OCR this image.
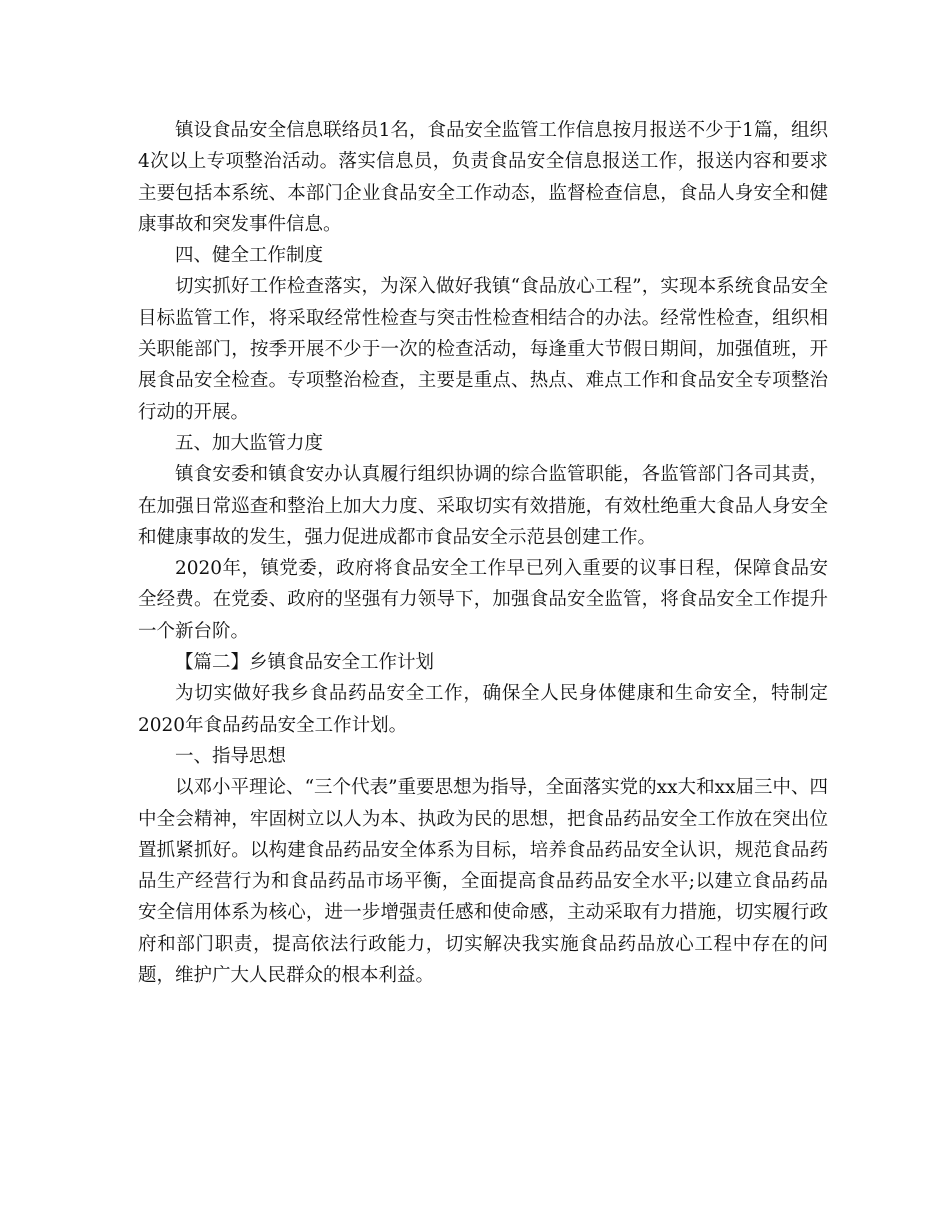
镇设食品安全信息联络员1名，食品安全监管工作信息按月报送不少于1篇，组织4次以上专项整治活动。落实信息员，负责食品安全信息报送工作，报送内容和要求主要包括本系统、本部门企业食品安全工作动态，监督检查信息，食品人身安全和健康事故和突发事件信息。

四、健全工作制度

切实抓好工作检查落实，为深入做好我镇“食品放心工程”，实现本系统食品安全目标监管工作，将采取经常性检查与突击性检查相结合的办法。经常性检查，组织相关职能部门，按季开展不少于一次的检查活动，每逢重大节假日期间，加强值班，开展食品安全检查。专项整治检查，主要是重点、热点、难点工作和食品安全专项整治行动的开展。

五、加大监管力度

镇食安委和镇食安办认真履行组织协调的综合监管职能，各监管部门各司其责，在加强日常巡查和整治上加大力度、采取切实有效措施，有效杜绝重大食品人身安全和健康事故的发生，强力促进成都市食品安全示范县创建工作。

2020年，镇党委，政府将食品安全工作早已列入重要的议事日程，保障食品安全经费。在党委、政府的坚强有力领导下，加强食品安全监管，将食品安全工作提升一个新台阶。

【篇二】乡镇食品安全工作计划

为切实做好我乡食品药品安全工作，确保全人民身体健康和生命安全，特制定2020年食品药品安全工作计划。

一、指导思想

以邓小平理论、“三个代表”重要思想为指导，全面落实党的xx大和xx届三中、四中全会精神，牢固树立以人为本、执政为民的思想，把食品药品安全工作放在突出位置抓紧抓好。以构建食品药品安全体系为目标，培养食品药品安全认识，规范食品药品生产经营行为和食品药品市场平衡，全面提高食品药品安全水平;以建立食品药品安全信用体系为核心，进一步增强责任感和使命感，主动采取有力措施，切实履行政府和部门职责，提高依法行政能力，切实解决我实施食品药品放心工程中存在的问题，维护广大人民群众的根本利益。
